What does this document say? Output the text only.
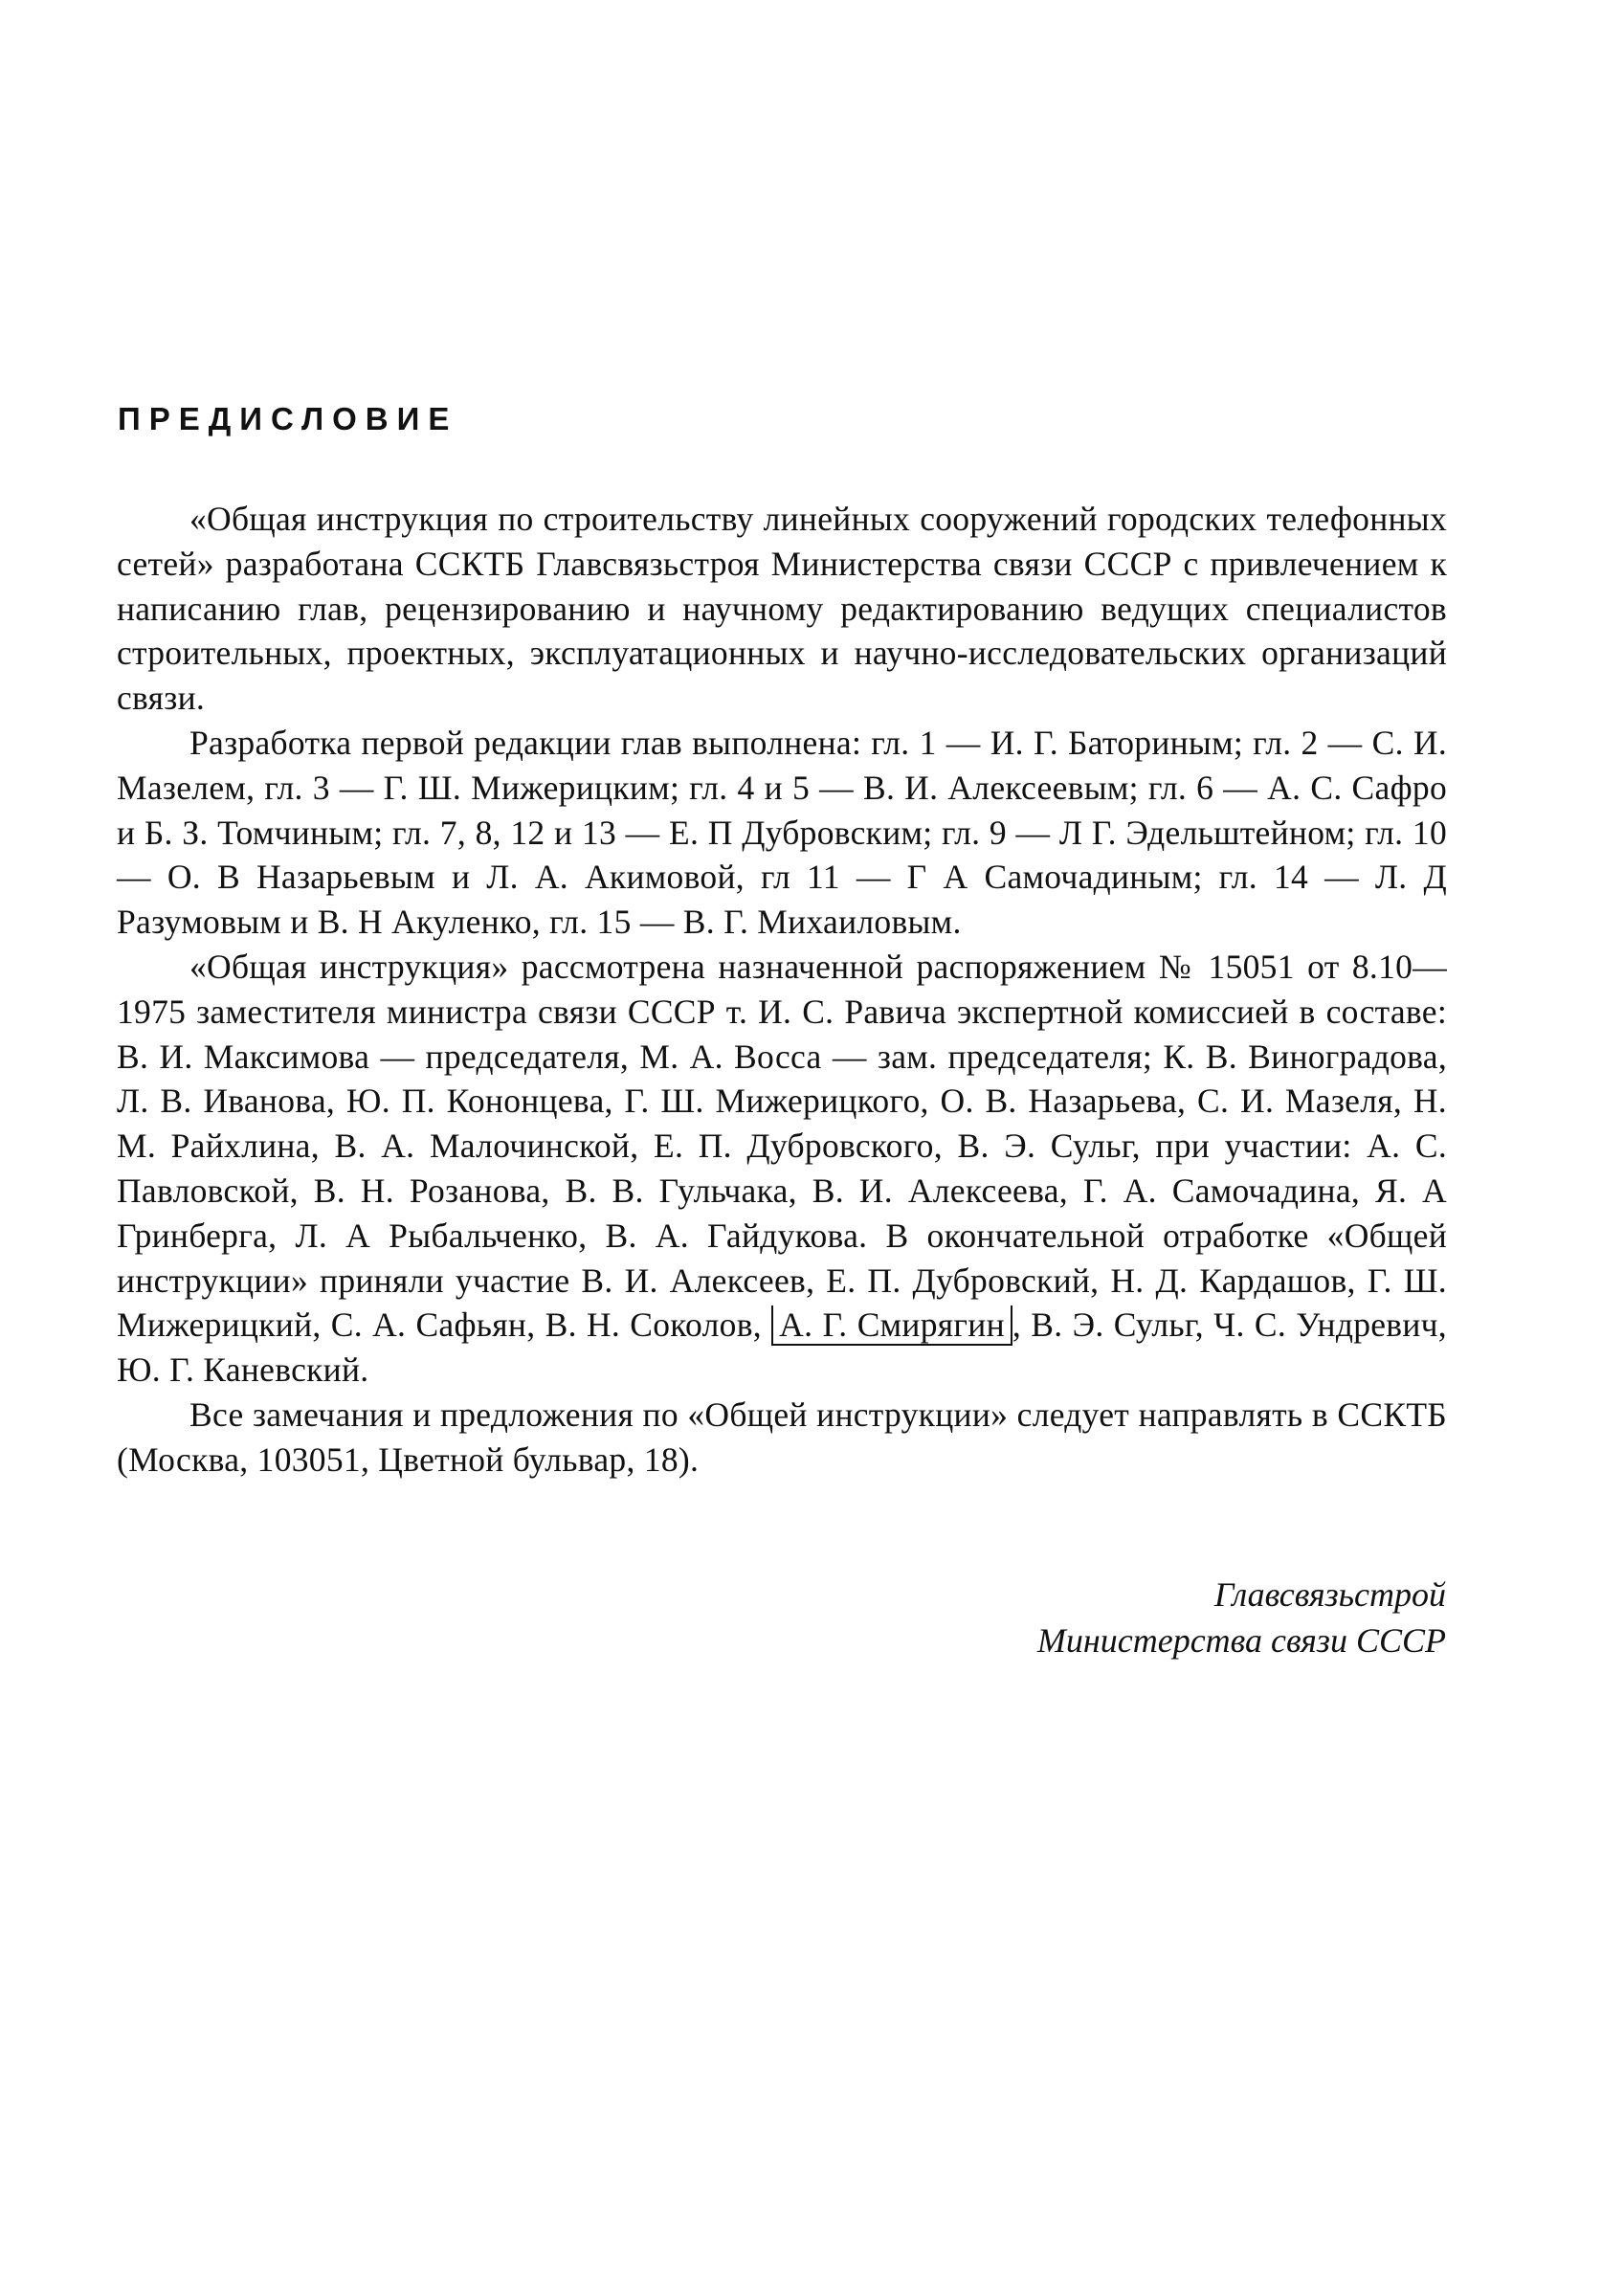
ПРЕДИСЛОВИЕ

«Общая инструкция по строительству линейных сооружений городских телефонных сетей» разработана ССКТБ Главсвязьстроя Министерства связи СССР с привлечением к написанию глав, рецензированию и научному редактированию ведущих специалистов строительных, проектных, эксплуатационных и научно-исследовательских организаций связи.

Разработка первой редакции глав выполнена: гл. 1 — И. Г. Баториным; гл. 2 — С. И. Мазелем, гл. 3 — Г. Ш. Мижерицким; гл. 4 и 5 — В. И. Алексеевым; гл. 6 — А. С. Сафро и Б. З. Томчиным; гл. 7, 8, 12 и 13 — Е. П Дубровским; гл. 9 — Л Г. Эдельштейном; гл. 10 — О. В Назарьевым и Л. А. Акимовой, гл 11 — Г А Самочадиным; гл. 14 — Л. Д Разумовым и В. Н Акуленко, гл. 15 — В. Г. Михаиловым.

«Общая инструкция» рассмотрена назначенной распоряжением № 15051 от 8.10—1975 заместителя министра связи СССР т. И. С. Равича экспертной комиссией в составе: В. И. Максимова — председателя, М. А. Восса — зам. председателя; К. В. Виноградова, Л. В. Иванова, Ю. П. Кононцева, Г. Ш. Мижерицкого, О. В. Назарьева, С. И. Мазеля, Н. М. Райхлина, В. А. Малочинской, Е. П. Дубровского, В. Э. Сульг, при участии: А. С. Павловской, В. Н. Розанова, В. В. Гульчака, В. И. Алексеева, Г. А. Самочадина, Я. А Гринберга, Л. А Рыбальченко, В. А. Гайдукова. В окончательной отработке «Общей инструкции» приняли участие В. И. Алексеев, Е. П. Дубровский, Н. Д. Кардашов, Г. Ш. Мижерицкий, С. А. Сафьян, В. Н. Соколов, А. Г. Смирягин , В. Э. Сульг, Ч. С. Ундревич, Ю. Г. Каневский.

Все замечания и предложения по «Общей инструкции» следует направлять в ССКТБ (Москва, 103051, Цветной бульвар, 18).

Главсвязьстрой
Министерства связи СССР
